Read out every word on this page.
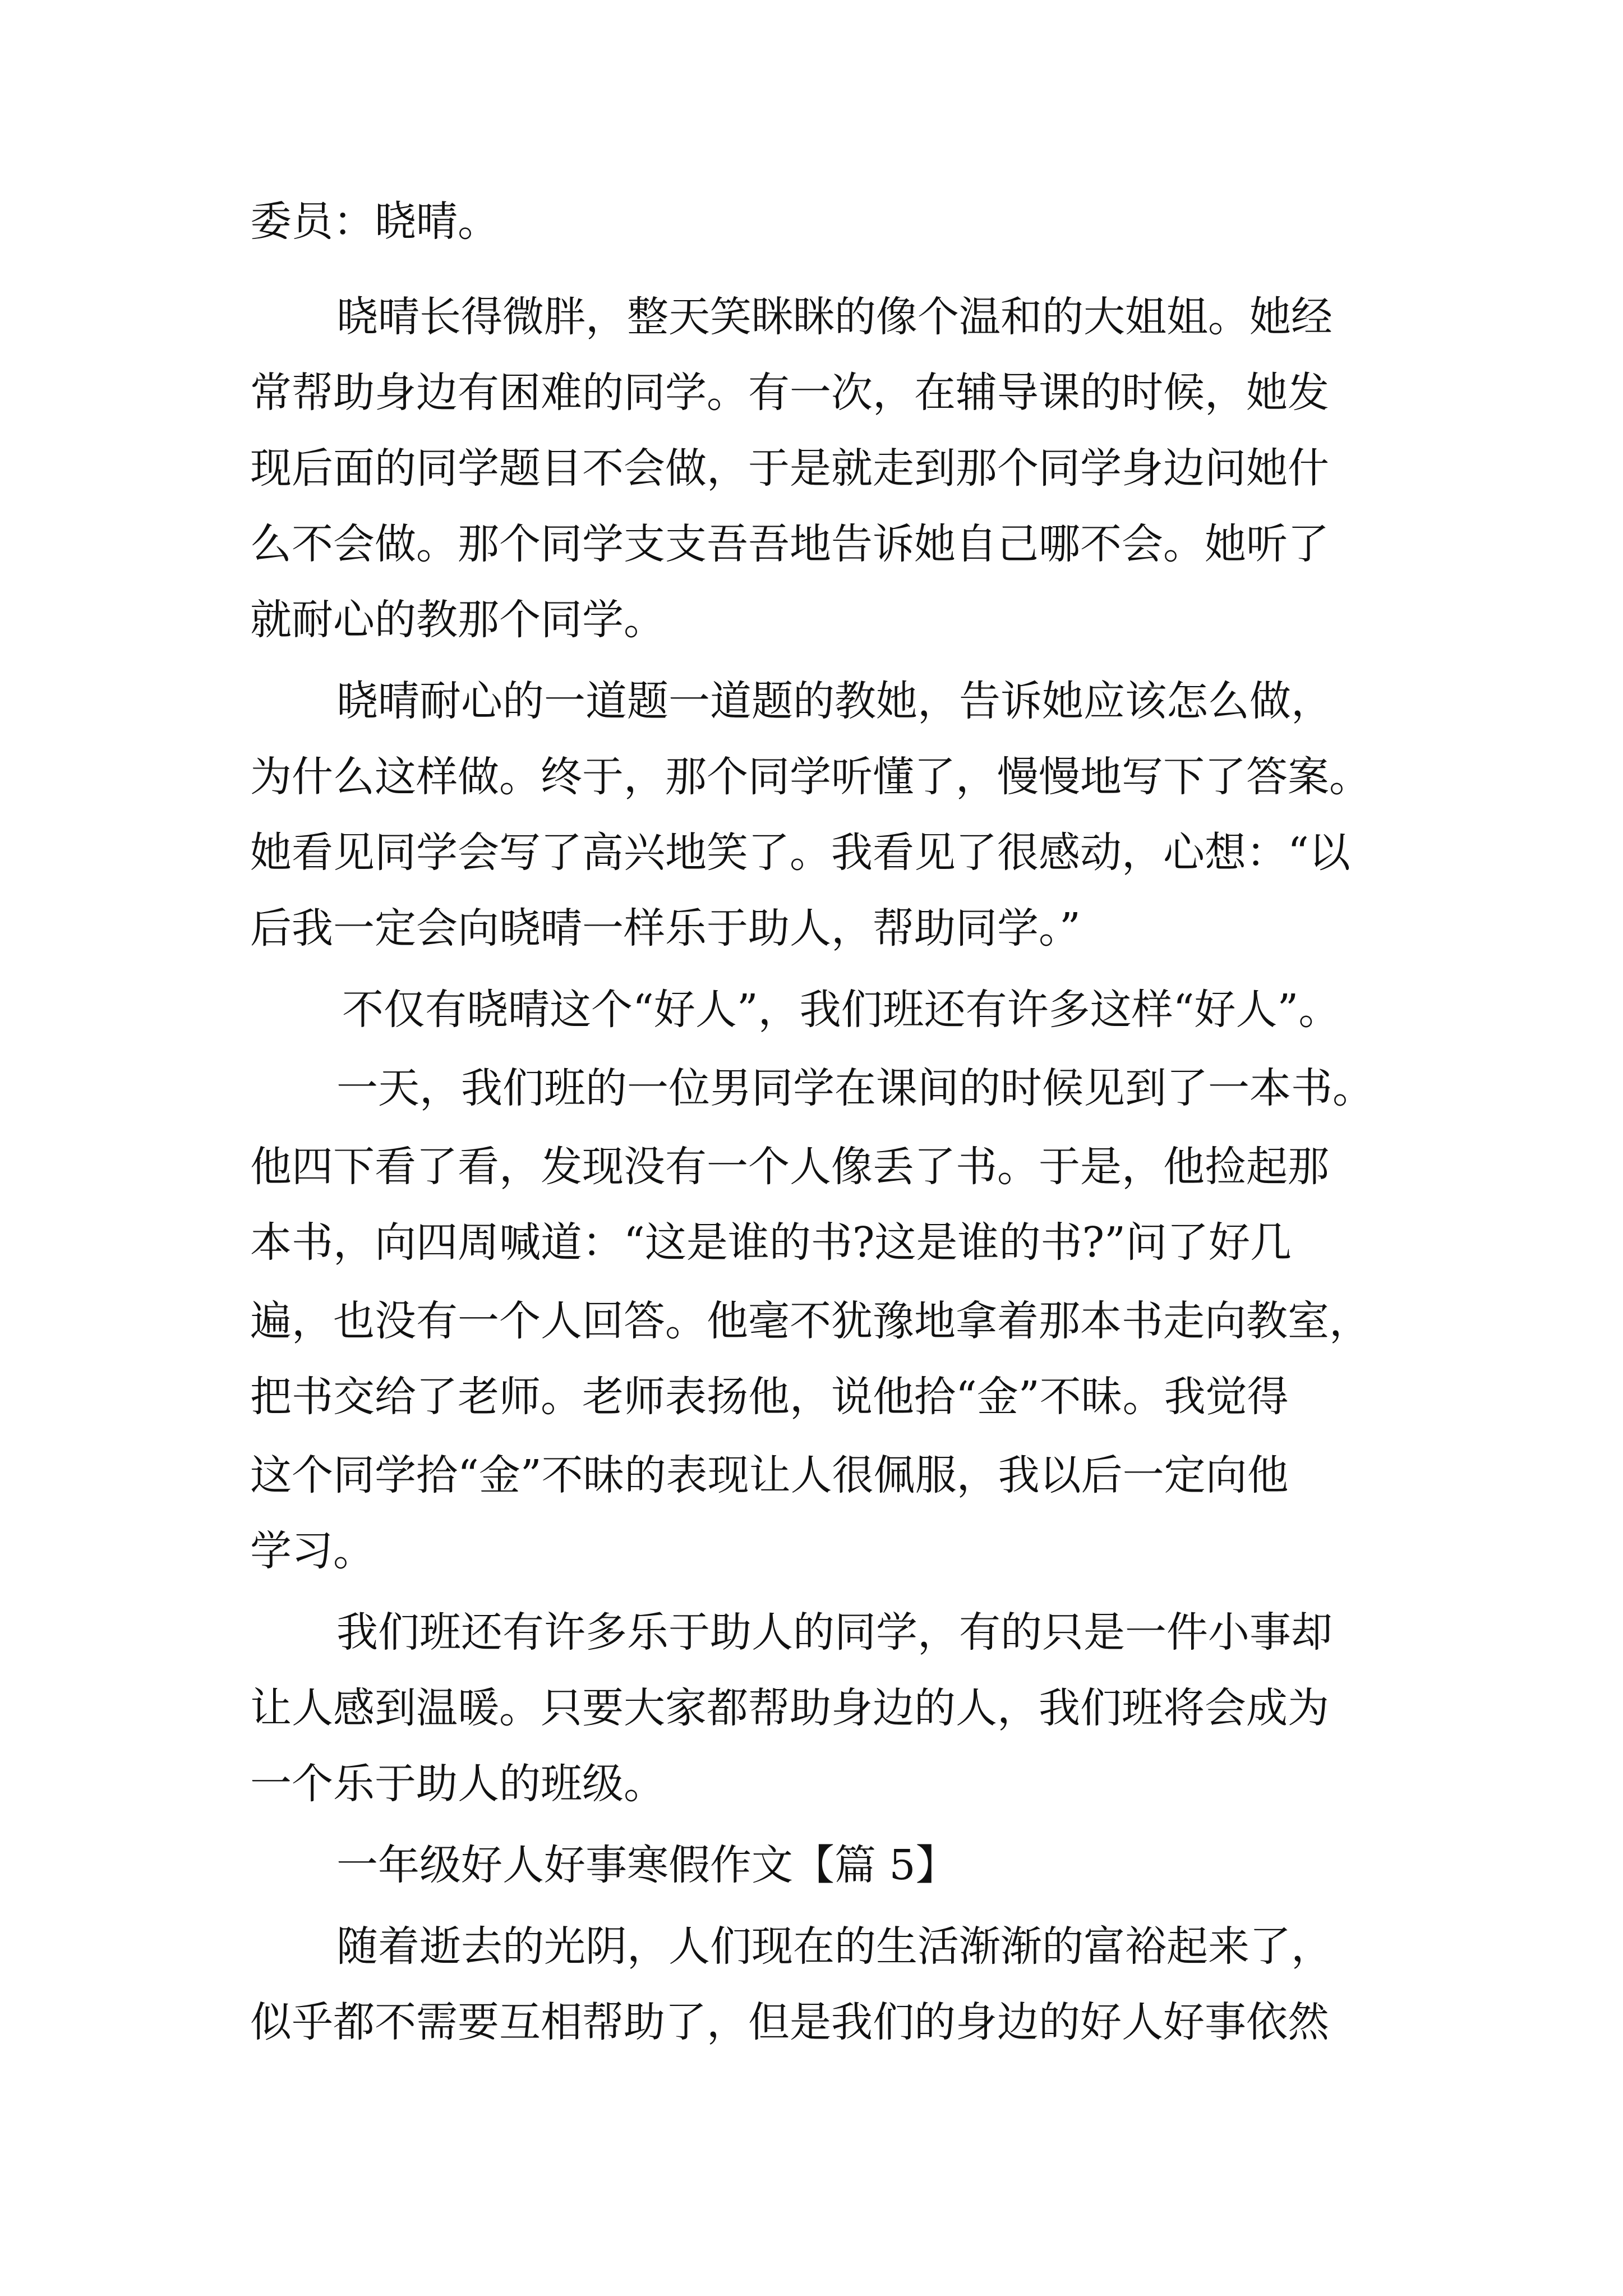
委员：晓晴。
晓晴长得微胖，整天笑眯眯的像个温和的大姐姐。她经
常帮助身边有困难的同学。有一次，在辅导课的时候，她发
现后面的同学题目不会做，于是就走到那个同学身边问她什
么不会做。那个同学支支吾吾地告诉她自己哪不会。她听了
就耐心的教那个同学。
晓晴耐心的一道题一道题的教她，告诉她应该怎么做，
为什么这样做。终于，那个同学听懂了，慢慢地写下了答案。
她看见同学会写了高兴地笑了。我看见了很感动，心想：“以
后我一定会向晓晴一样乐于助人，帮助同学。”
不仅有晓晴这个“好人”，我们班还有许多这样“好人”。
一天，我们班的一位男同学在课间的时候见到了一本书。
他四下看了看，发现没有一个人像丢了书。于是，他捡起那
本书，向四周喊道：“这是谁的书?这是谁的书?”问了好几
遍，也没有一个人回答。他毫不犹豫地拿着那本书走向教室，
把书交给了老师。老师表扬他，说他拾“金”不昧。我觉得
这个同学拾“金”不昧的表现让人很佩服，我以后一定向他
学习。
我们班还有许多乐于助人的同学，有的只是一件小事却
让人感到温暖。只要大家都帮助身边的人，我们班将会成为
一个乐于助人的班级。
一年级好人好事寒假作文【篇 5】
随着逝去的光阴，人们现在的生活渐渐的富裕起来了，
似乎都不需要互相帮助了，但是我们的身边的好人好事依然
